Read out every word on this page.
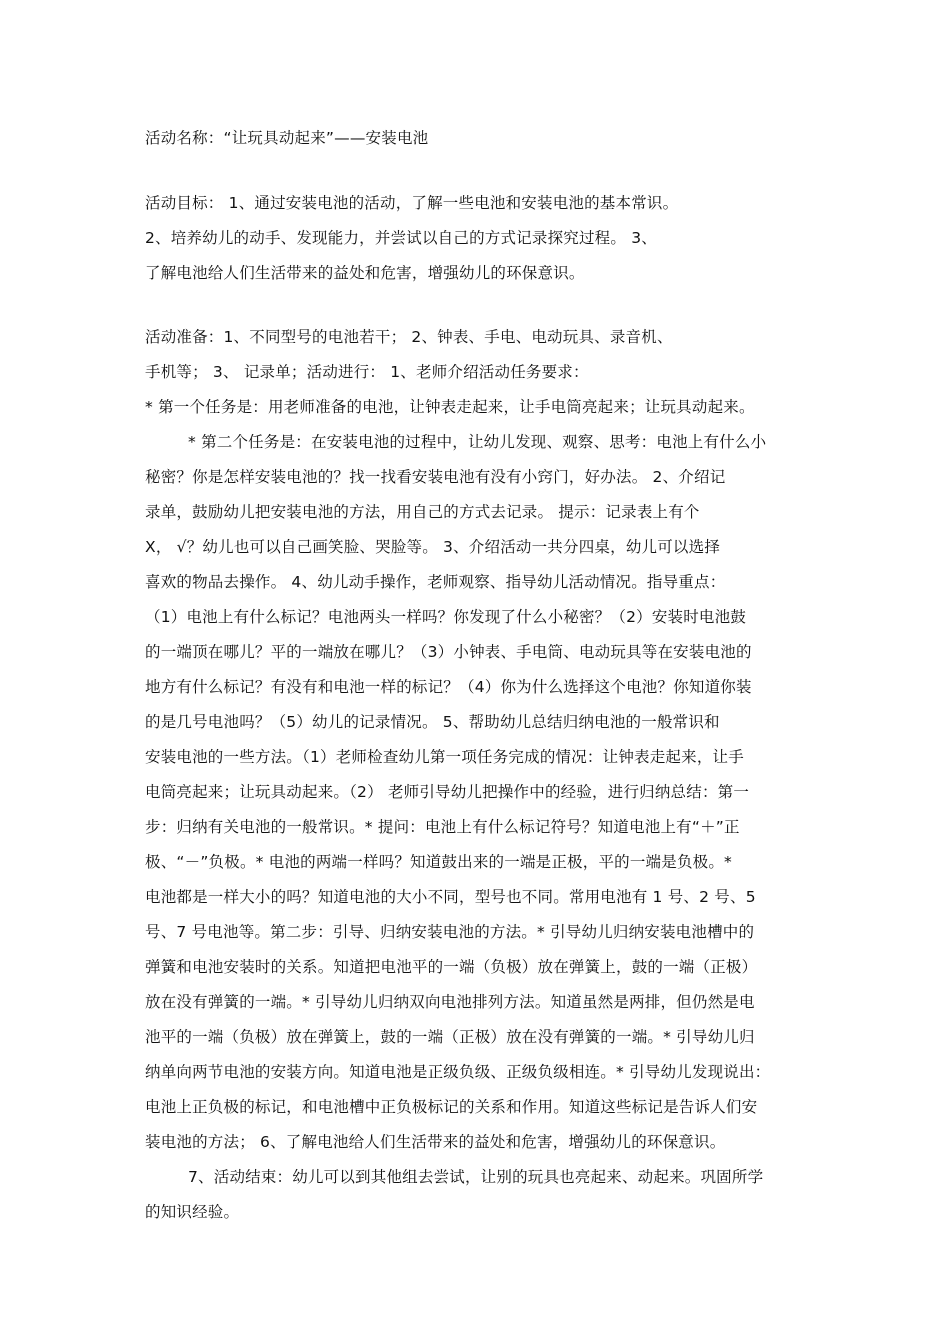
活动名称：“让玩具动起来”——安装电池
活动目标： 1、通过安装电池的活动，了解一些电池和安装电池的基本常识。
2、培养幼儿的动手、发现能力，并尝试以自己的方式记录探究过程。 3、
了解电池给人们生活带来的益处和危害，增强幼儿的环保意识。
活动准备：1、不同型号的电池若干； 2、钟表、手电、电动玩具、录音机、
手机等； 3、 记录单；活动进行： 1、老师介绍活动任务要求：
* 第一个任务是：用老师准备的电池，让钟表走起来，让手电筒亮起来；让玩具动起来。
* 第二个任务是：在安装电池的过程中，让幼儿发现、观察、思考：电池上有什么小
秘密？你是怎样安装电池的？找一找看安装电池有没有小窍门，好办法。 2、介绍记
录单，鼓励幼儿把安装电池的方法，用自己的方式去记录。 提示：记录表上有个
X， √？幼儿也可以自己画笑脸、哭脸等。 3、介绍活动一共分四桌，幼儿可以选择
喜欢的物品去操作。 4、幼儿动手操作，老师观察、指导幼儿活动情况。指导重点：
（1）电池上有什么标记？电池两头一样吗？你发现了什么小秘密？（2）安装时电池鼓
的一端顶在哪儿？平的一端放在哪儿？（3）小钟表、手电筒、电动玩具等在安装电池的
地方有什么标记？有没有和电池一样的标记？（4）你为什么选择这个电池？你知道你装
的是几号电池吗？（5）幼儿的记录情况。 5、帮助幼儿总结归纳电池的一般常识和
安装电池的一些方法。（1）老师检查幼儿第一项任务完成的情况：让钟表走起来，让手
电筒亮起来；让玩具动起来。（2） 老师引导幼儿把操作中的经验，进行归纳总结：第一
步：归纳有关电池的一般常识。* 提问：电池上有什么标记符号？知道电池上有“＋”正
极、“－”负极。* 电池的两端一样吗？知道鼓出来的一端是正极，平的一端是负极。*
电池都是一样大小的吗？知道电池的大小不同，型号也不同。常用电池有 1 号、2 号、5
号、7 号电池等。第二步：引导、归纳安装电池的方法。* 引导幼儿归纳安装电池槽中的
弹簧和电池安装时的关系。知道把电池平的一端（负极）放在弹簧上，鼓的一端（正极）
放在没有弹簧的一端。* 引导幼儿归纳双向电池排列方法。知道虽然是两排，但仍然是电
池平的一端（负极）放在弹簧上，鼓的一端（正极）放在没有弹簧的一端。* 引导幼儿归
纳单向两节电池的安装方向。知道电池是正级负级、正级负级相连。* 引导幼儿发现说出：
电池上正负极的标记，和电池槽中正负极标记的关系和作用。知道这些标记是告诉人们安
装电池的方法； 6、了解电池给人们生活带来的益处和危害，增强幼儿的环保意识。
7、活动结束：幼儿可以到其他组去尝试，让别的玩具也亮起来、动起来。巩固所学
的知识经验。
